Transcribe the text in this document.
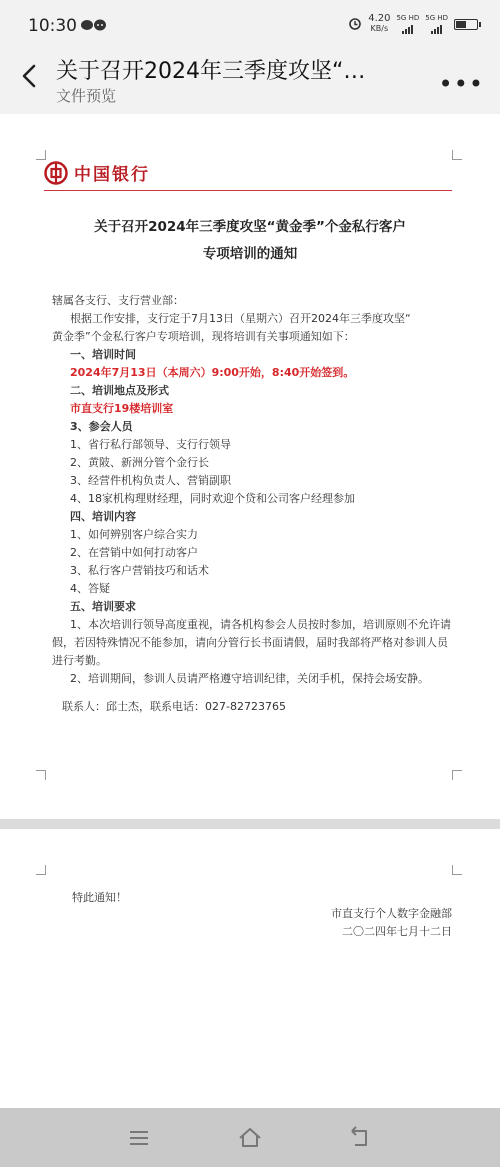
10:30	4.20
KB/s
5G HD 5G HD
关于召开2024年三季度攻坚“…
文件预览	•••
中国银行
关于召开2024年三季度攻坚“黄金季”个金私行客户
专项培训的通知

辖属各支行、支行营业部：

根据工作安排，支行定于7月13日（星期六）召开2024年三季度攻坚“

黄金季”个金私行客户专项培训，现将培训有关事项通知如下：

一、培训时间

2024年7月13日（本周六）9:00开始，8:40开始签到。

二、培训地点及形式

市直支行19楼培训室

3、参会人员

1、省行私行部领导、支行行领导

2、黄陂、新洲分管个金行长

3、经营件机构负责人、营销副职

4、18家机构理财经理，同时欢迎个贷和公司客户经理参加

四、培训内容

1、如何辨别客户综合实力

2、在营销中如何打动客户

3、私行客户营销技巧和话术

4、答疑

五、培训要求

1、本次培训行领导高度重视，请各机构参会人员按时参加，培训原则不允许请假，若因特殊情况不能参加，请向分管行长书面请假，届时我部将严格对参训人员进行考勤。

2、培训期间，参训人员请严格遵守培训纪律，关闭手机，保持会场安静。

联系人：邱士杰，联系电话：027-82723765

特此通知！
市直支行个人数字金融部
二〇二四年七月十二日
